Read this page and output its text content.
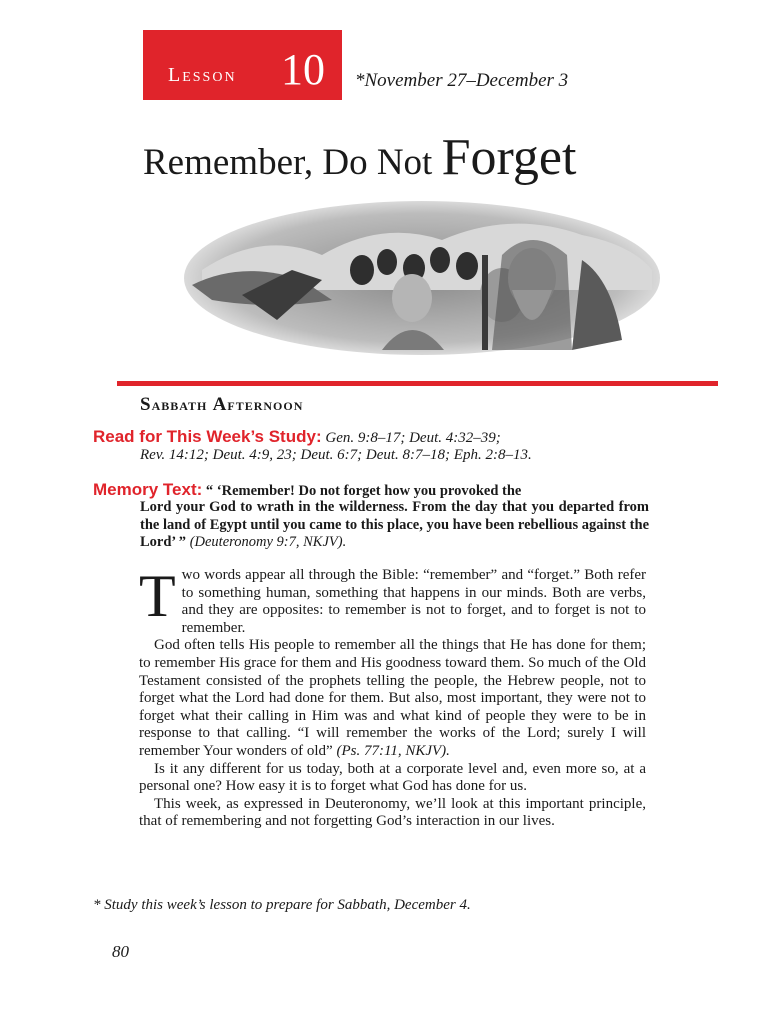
Lesson 10 *November 27–December 3
Remember, Do Not Forget
Sabbath Afternoon
Read for This Week’s Study: Gen. 9:8–17; Deut. 4:32–39;
Rev. 14:12; Deut. 4:9, 23; Deut. 6:7; Deut. 8:7–18; Eph. 2:8–13.
Memory Text: “ ‘Remember! Do not forget how you provoked the
Lord your God to wrath in the wilderness. From the day that you departed from the land of Egypt until you came to this place, you have been rebellious against the Lord’ ” (Deuteronomy 9:7, NKJV).

Two words appear all through the Bible: “remember” and “forget.” Both refer to something human, something that happens in our minds. Both are verbs, and they are opposites: to remember is not to forget, and to forget is not to remember.

God often tells His people to remember all the things that He has done for them; to remember His grace for them and His goodness toward them. So much of the Old Testament consisted of the prophets telling the people, the Hebrew people, not to forget what the Lord had done for them. But also, most important, they were not to forget what their calling in Him was and what kind of people they were to be in response to that calling. “I will remember the works of the Lord; surely I will remember Your wonders of old” (Ps. 77:11, NKJV).

Is it any different for us today, both at a corporate level and, even more so, at a personal one? How easy it is to forget what God has done for us.

This week, as expressed in Deuteronomy, we’ll look at this important principle, that of remembering and not forgetting God’s interaction in our lives.

* Study this week’s lesson to prepare for Sabbath, December 4.
80
